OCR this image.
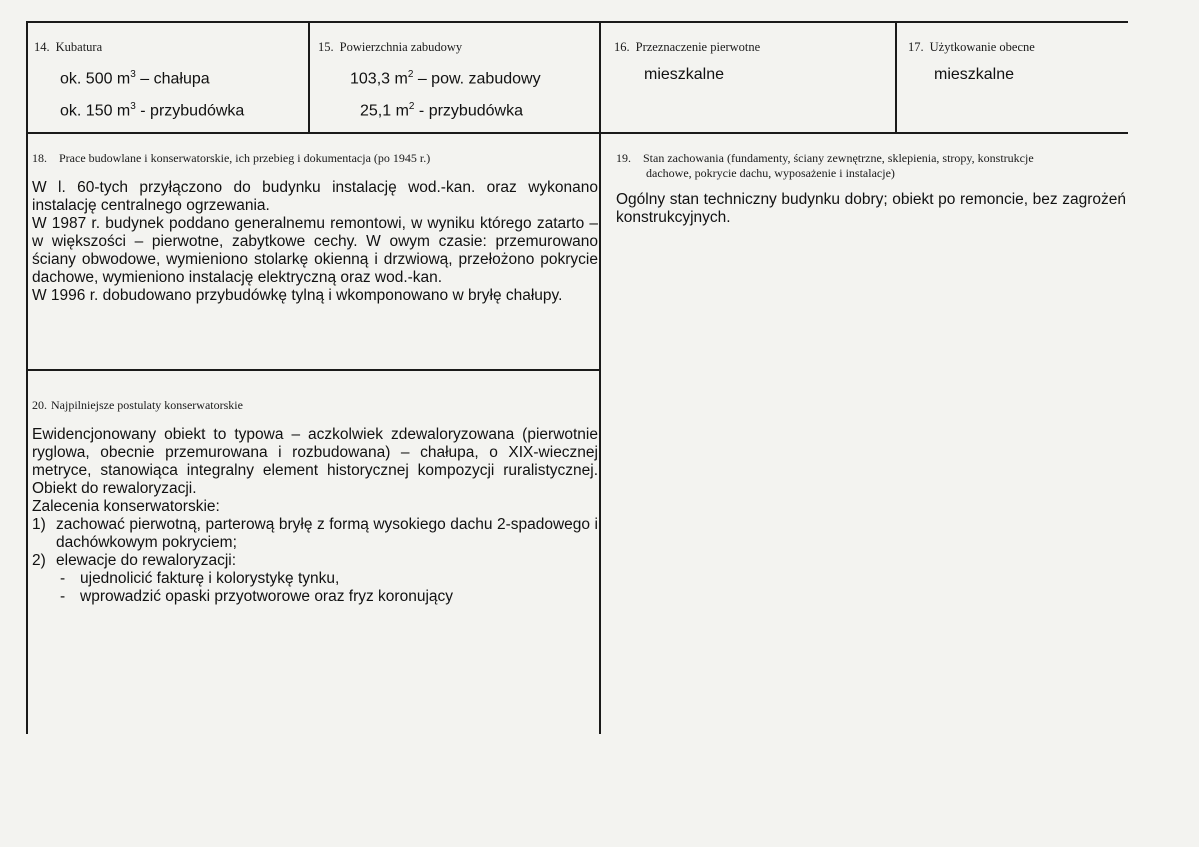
14. Kubatura
ok. 500 $m^3$ – chałupa
ok. 150 $m^3$ - przybudówka
15. Powierzchnia zabudowy
103,3 $m^2$ – pow. zabudowy
25,1 $m^2$ - przybudówka
16. Przeznaczenie pierwotne
mieszkalne
17. Użytkowanie obecne
mieszkalne
18. Prace budowlane i konserwatorskie, ich przebieg i dokumentacja (po 1945 r.)

W l. 60-tych przyłączono do budynku instalację wod.-kan. oraz wykonano instalację centralnego ogrzewania.

W 1987 r. budynek poddano generalnemu remontowi, w wyniku którego zatarto – w większości – pierwotne, zabytkowe cechy. W owym czasie: przemurowano ściany obwodowe, wymieniono stolarkę okienną i drzwiową, przełożono pokrycie dachowe, wymieniono instalację elektryczną oraz wod.-kan.

W 1996 r. dobudowano przybudówkę tylną i wkomponowano w bryłę chałupy.

19. Stan zachowania (fundamenty, ściany zewnętrzne, sklepienia, stropy, konstrukcje
dachowe, pokrycie dachu, wyposażenie i instalacje)
Ogólny stan techniczny budynku dobry; obiekt po remoncie, bez zagrożeń konstrukcyjnych.
20. Najpilniejsze postulaty konserwatorskie

Ewidencjonowany obiekt to typowa – aczkolwiek zdewaloryzowana (pierwotnie ryglowa, obecnie przemurowana i rozbudowana) – chałupa, o XIX-wiecznej metryce, stanowiąca integralny element historycznej kompozycji ruralistycznej. Obiekt do rewaloryzacji.

Zalecenia konserwatorskie:

1) zachować pierwotną, parterową bryłę z formą wysokiego dachu 2-spadowego i dachówkowym pokryciem;
2) elewacje do rewaloryzacji:
- ujednolicić fakturę i kolorystykę tynku,
- wprowadzić opaski przyotworowe oraz fryz koronujący
